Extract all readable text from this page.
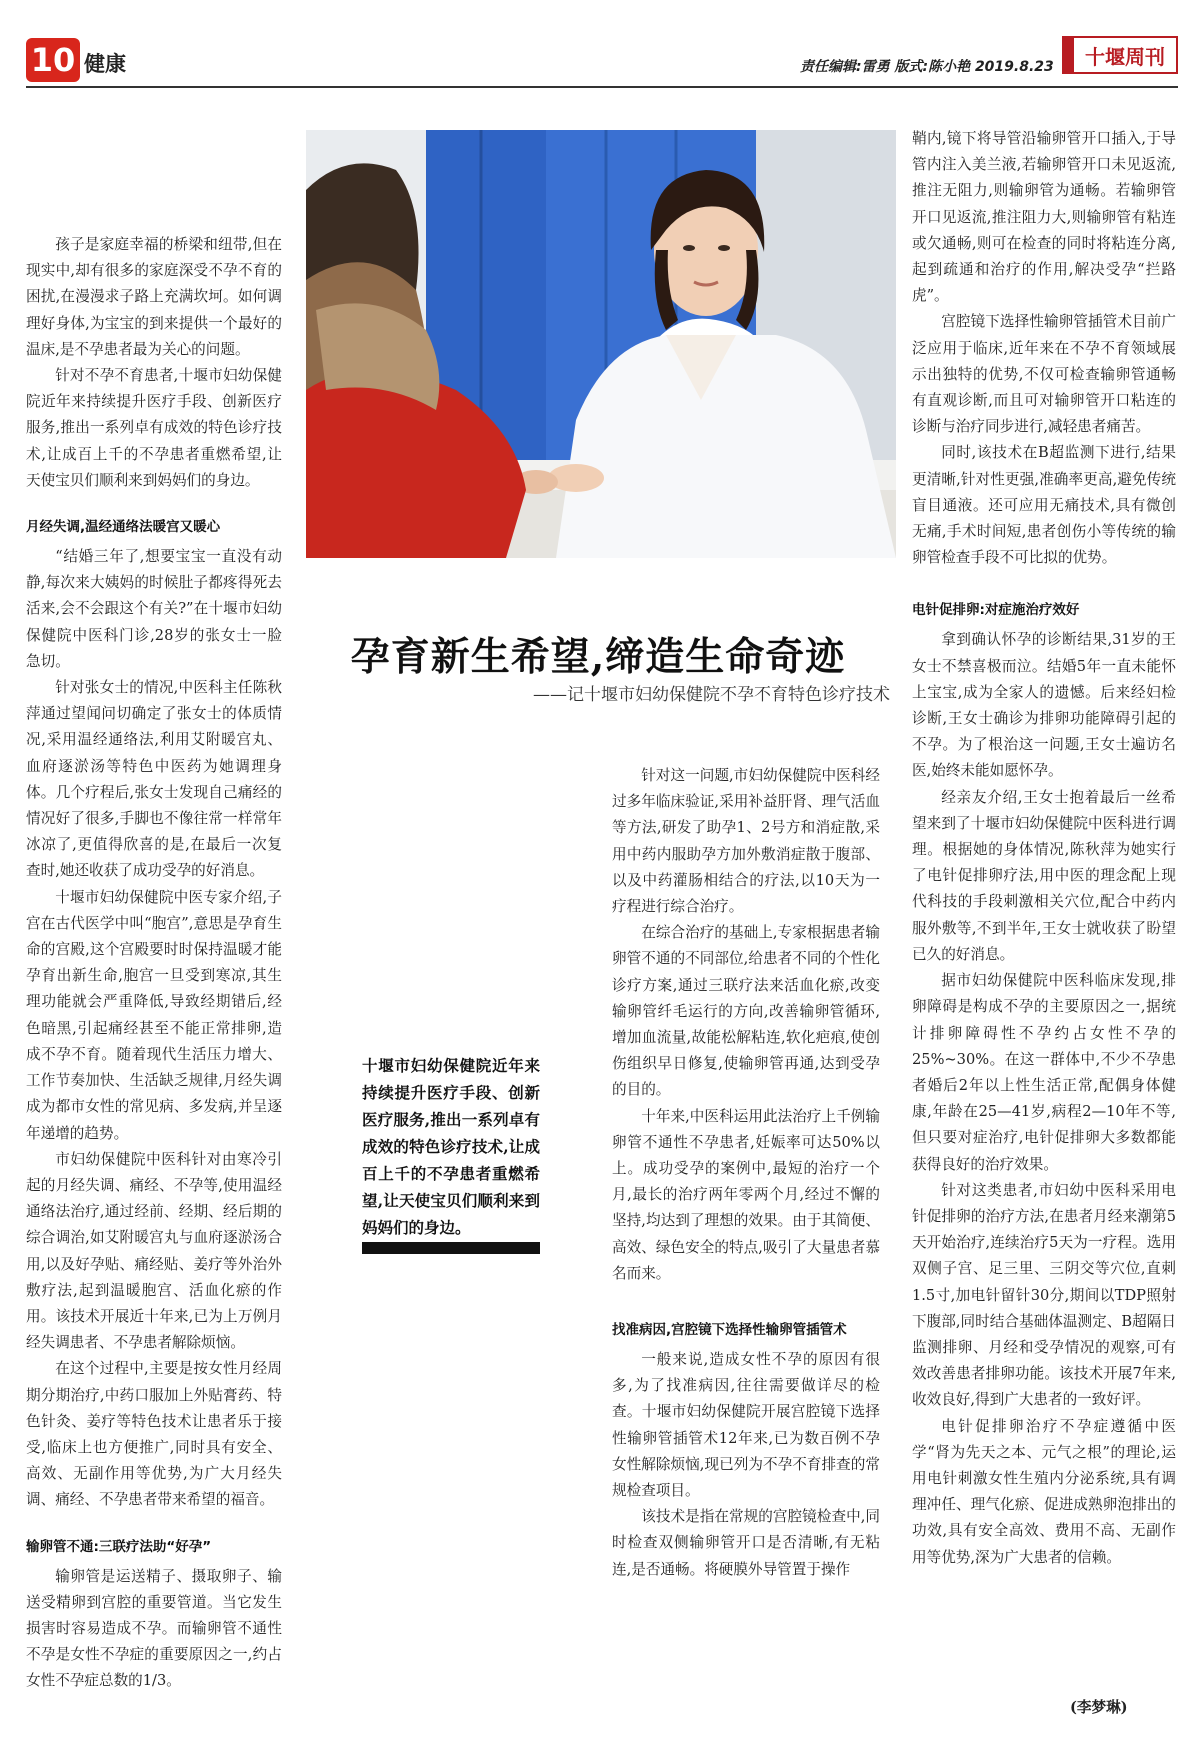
10 健康	责任编辑:雷勇 版式:陈小艳 2019.8.23	十堰周刊

孩子是家庭幸福的桥梁和纽带,但在现实中,却有很多的家庭深受不孕不育的困扰,在漫漫求子路上充满坎坷。如何调理好身体,为宝宝的到来提供一个最好的温床,是不孕患者最为关心的问题。

针对不孕不育患者,十堰市妇幼保健院近年来持续提升医疗手段、创新医疗服务,推出一系列卓有成效的特色诊疗技术,让成百上千的不孕患者重燃希望,让天使宝贝们顺利来到妈妈们的身边。

月经失调,温经通络法暖宫又暖心

“结婚三年了,想要宝宝一直没有动静,每次来大姨妈的时候肚子都疼得死去活来,会不会跟这个有关?”在十堰市妇幼保健院中医科门诊,28岁的张女士一脸急切。

针对张女士的情况,中医科主任陈秋萍通过望闻问切确定了张女士的体质情况,采用温经通络法,利用艾附暖宫丸、血府逐淤汤等特色中医药为她调理身体。几个疗程后,张女士发现自己痛经的情况好了很多,手脚也不像往常一样常年冰凉了,更值得欣喜的是,在最后一次复查时,她还收获了成功受孕的好消息。

十堰市妇幼保健院中医专家介绍,子宫在古代医学中叫“胞宫”,意思是孕育生命的宫殿,这个宫殿要时时保持温暖才能孕育出新生命,胞宫一旦受到寒凉,其生理功能就会严重降低,导致经期错后,经色暗黑,引起痛经甚至不能正常排卵,造成不孕不育。随着现代生活压力增大、工作节奏加快、生活缺乏规律,月经失调成为都市女性的常见病、多发病,并呈逐年递增的趋势。

市妇幼保健院中医科针对由寒冷引起的月经失调、痛经、不孕等,使用温经通络法治疗,通过经前、经期、经后期的综合调治,如艾附暖宫丸与血府逐淤汤合用,以及好孕贴、痛经贴、姜疗等外治外敷疗法,起到温暖胞宫、活血化瘀的作用。该技术开展近十年来,已为上万例月经失调患者、不孕患者解除烦恼。

在这个过程中,主要是按女性月经周期分期治疗,中药口服加上外贴膏药、特色针灸、姜疗等特色技术让患者乐于接受,临床上也方便推广,同时具有安全、高效、无副作用等优势,为广大月经失调、痛经、不孕患者带来希望的福音。

输卵管不通:三联疗法助“好孕”

输卵管是运送精子、摄取卵子、输送受精卵到宫腔的重要管道。当它发生损害时容易造成不孕。而输卵管不通性不孕是女性不孕症的重要原因之一,约占女性不孕症总数的1/3。

孕育新生希望,缔造生命奇迹
——记十堰市妇幼保健院不孕不育特色诊疗技术
十堰市妇幼保健院近年来持续提升医疗手段、创新医疗服务,推出一系列卓有成效的特色诊疗技术,让成百上千的不孕患者重燃希望,让天使宝贝们顺利来到妈妈们的身边。

针对这一问题,市妇幼保健院中医科经过多年临床验证,采用补益肝肾、理气活血等方法,研发了助孕1、2号方和消症散,采用中药内服助孕方加外敷消症散于腹部、以及中药灌肠相结合的疗法,以10天为一疗程进行综合治疗。

在综合治疗的基础上,专家根据患者输卵管不通的不同部位,给患者不同的个性化诊疗方案,通过三联疗法来活血化瘀,改变输卵管纤毛运行的方向,改善输卵管循环,增加血流量,故能松解粘连,软化疤痕,使创伤组织早日修复,使输卵管再通,达到受孕的目的。

十年来,中医科运用此法治疗上千例输卵管不通性不孕患者,妊娠率可达50%以上。成功受孕的案例中,最短的治疗一个月,最长的治疗两年零两个月,经过不懈的坚持,均达到了理想的效果。由于其简便、高效、绿色安全的特点,吸引了大量患者慕名而来。

找准病因,宫腔镜下选择性输卵管插管术

一般来说,造成女性不孕的原因有很多,为了找准病因,往往需要做详尽的检查。十堰市妇幼保健院开展宫腔镜下选择性输卵管插管术12年来,已为数百例不孕女性解除烦恼,现已列为不孕不育排查的常规检查项目。

该技术是指在常规的宫腔镜检查中,同时检查双侧输卵管开口是否清晰,有无粘连,是否通畅。将硬膜外导管置于操作

鞘内,镜下将导管沿输卵管开口插入,于导管内注入美兰液,若输卵管开口未见返流,推注无阻力,则输卵管为通畅。若输卵管开口见返流,推注阻力大,则输卵管有粘连或欠通畅,则可在检查的同时将粘连分离,起到疏通和治疗的作用,解决受孕“拦路虎”。

宫腔镜下选择性输卵管插管术目前广泛应用于临床,近年来在不孕不育领域展示出独特的优势,不仅可检查输卵管通畅有直观诊断,而且可对输卵管开口粘连的诊断与治疗同步进行,减轻患者痛苦。

同时,该技术在B超监测下进行,结果更清晰,针对性更强,准确率更高,避免传统盲目通液。还可应用无痛技术,具有微创无痛,手术时间短,患者创伤小等传统的输卵管检查手段不可比拟的优势。

电针促排卵:对症施治疗效好

拿到确认怀孕的诊断结果,31岁的王女士不禁喜极而泣。结婚5年一直未能怀上宝宝,成为全家人的遗憾。后来经妇检诊断,王女士确诊为排卵功能障碍引起的不孕。为了根治这一问题,王女士遍访名医,始终未能如愿怀孕。

经亲友介绍,王女士抱着最后一丝希望来到了十堰市妇幼保健院中医科进行调理。根据她的身体情况,陈秋萍为她实行了电针促排卵疗法,用中医的理念配上现代科技的手段刺激相关穴位,配合中药内服外敷等,不到半年,王女士就收获了盼望已久的好消息。

据市妇幼保健院中医科临床发现,排卵障碍是构成不孕的主要原因之一,据统计排卵障碍性不孕约占女性不孕的25%~30%。在这一群体中,不少不孕患者婚后2年以上性生活正常,配偶身体健康,年龄在25—41岁,病程2—10年不等,但只要对症治疗,电针促排卵大多数都能获得良好的治疗效果。

针对这类患者,市妇幼中医科采用电针促排卵的治疗方法,在患者月经来潮第5天开始治疗,连续治疗5天为一疗程。选用双侧子宫、足三里、三阴交等穴位,直刺1.5寸,加电针留针30分,期间以TDP照射下腹部,同时结合基础体温测定、B超隔日监测排卵、月经和受孕情况的观察,可有效改善患者排卵功能。该技术开展7年来,收效良好,得到广大患者的一致好评。

电针促排卵治疗不孕症遵循中医学“肾为先天之本、元气之根”的理论,运用电针刺激女性生殖内分泌系统,具有调理冲任、理气化瘀、促进成熟卵泡排出的功效,具有安全高效、费用不高、无副作用等优势,深为广大患者的信赖。

(李梦琳)
